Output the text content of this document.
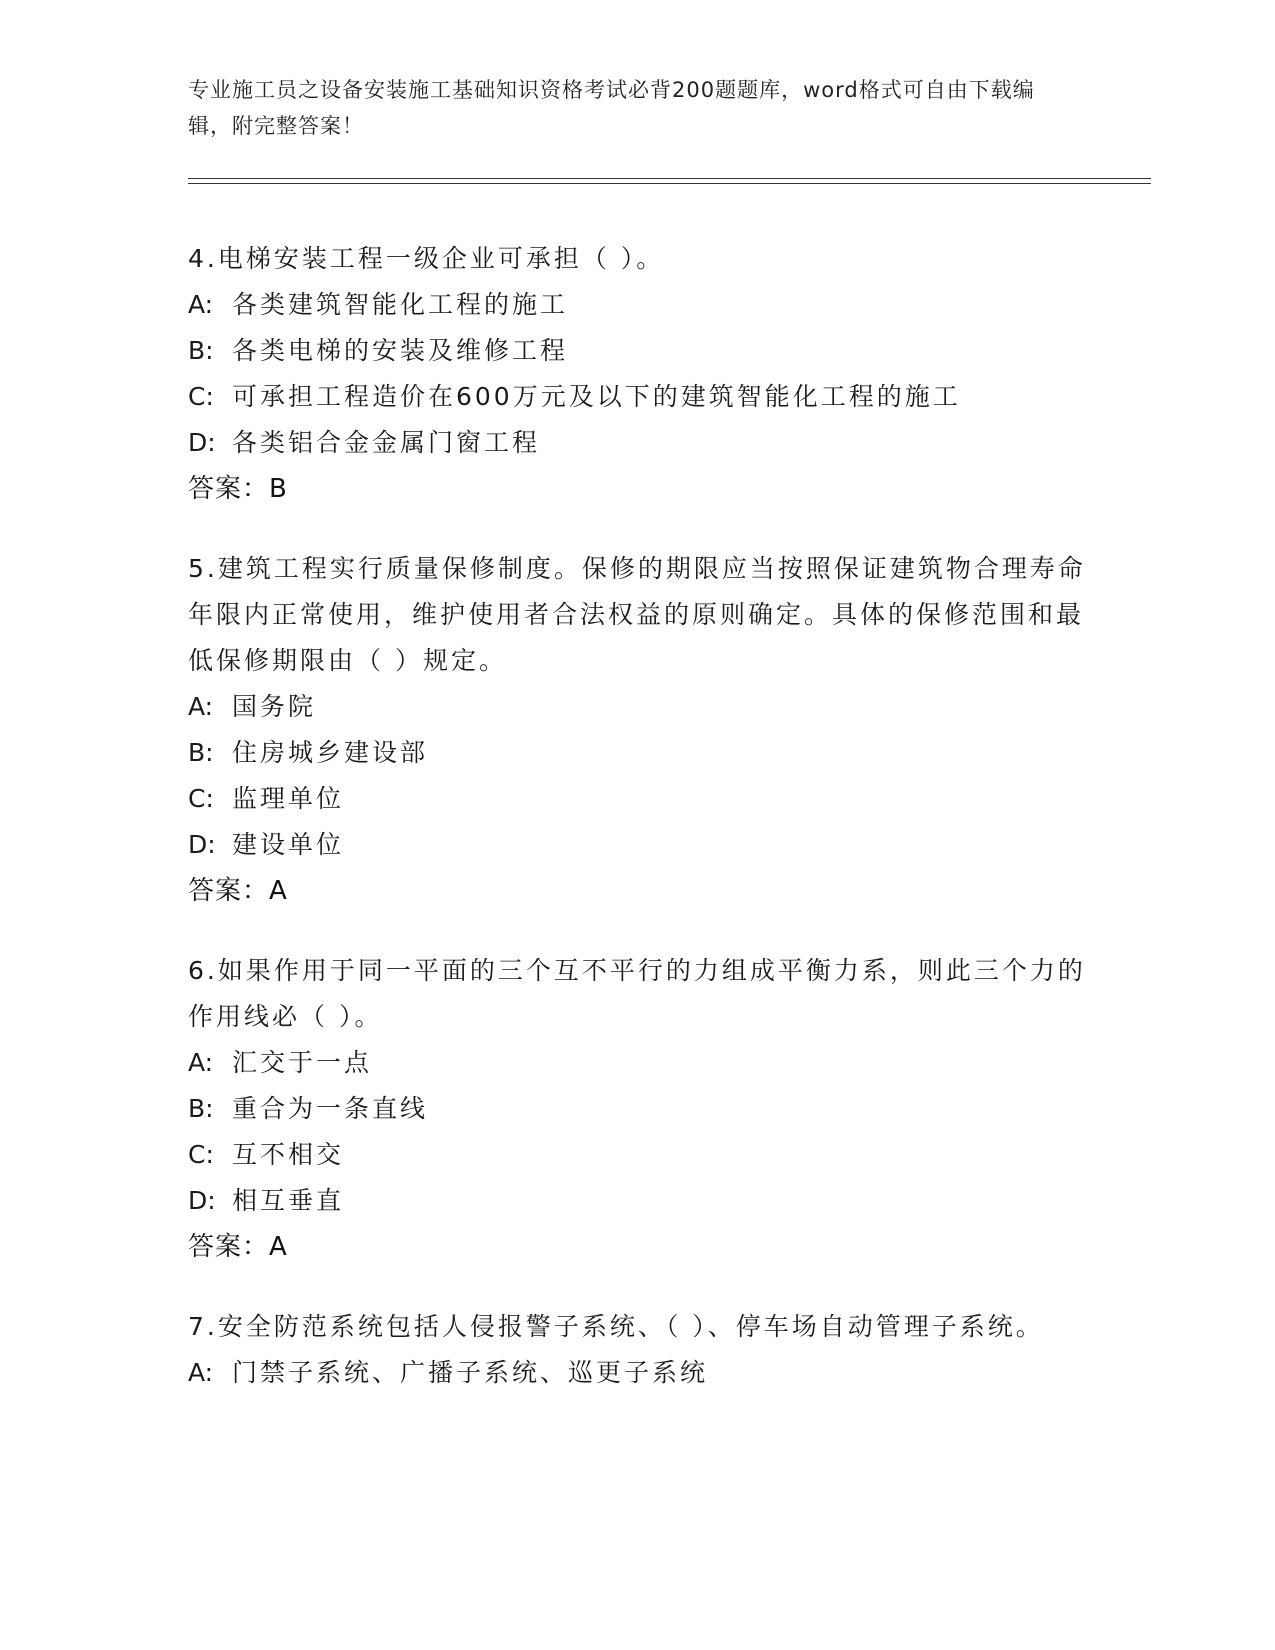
专业施工员之设备安装施工基础知识资格考试必背200题题库，word格式可自由下载编辑，附完整答案！
4.电梯安装工程一级企业可承担（ ）。
A: 各类建筑智能化工程的施工
B: 各类电梯的安装及维修工程
C: 可承担工程造价在600万元及以下的建筑智能化工程的施工
D: 各类铝合金金属门窗工程
答案：B
5.建筑工程实行质量保修制度。保修的期限应当按照保证建筑物合理寿命年限内正常使用，维护使用者合法权益的原则确定。具体的保修范围和最低保修期限由（ ）规定。
A: 国务院
B: 住房城乡建设部
C: 监理单位
D: 建设单位
答案：A
6.如果作用于同一平面的三个互不平行的力组成平衡力系，则此三个力的作用线必（ ）。
A: 汇交于一点
B: 重合为一条直线
C: 互不相交
D: 相互垂直
答案：A
7.安全防范系统包括人侵报警子系统、（ ）、停车场自动管理子系统。
A: 门禁子系统、广播子系统、巡更子系统
